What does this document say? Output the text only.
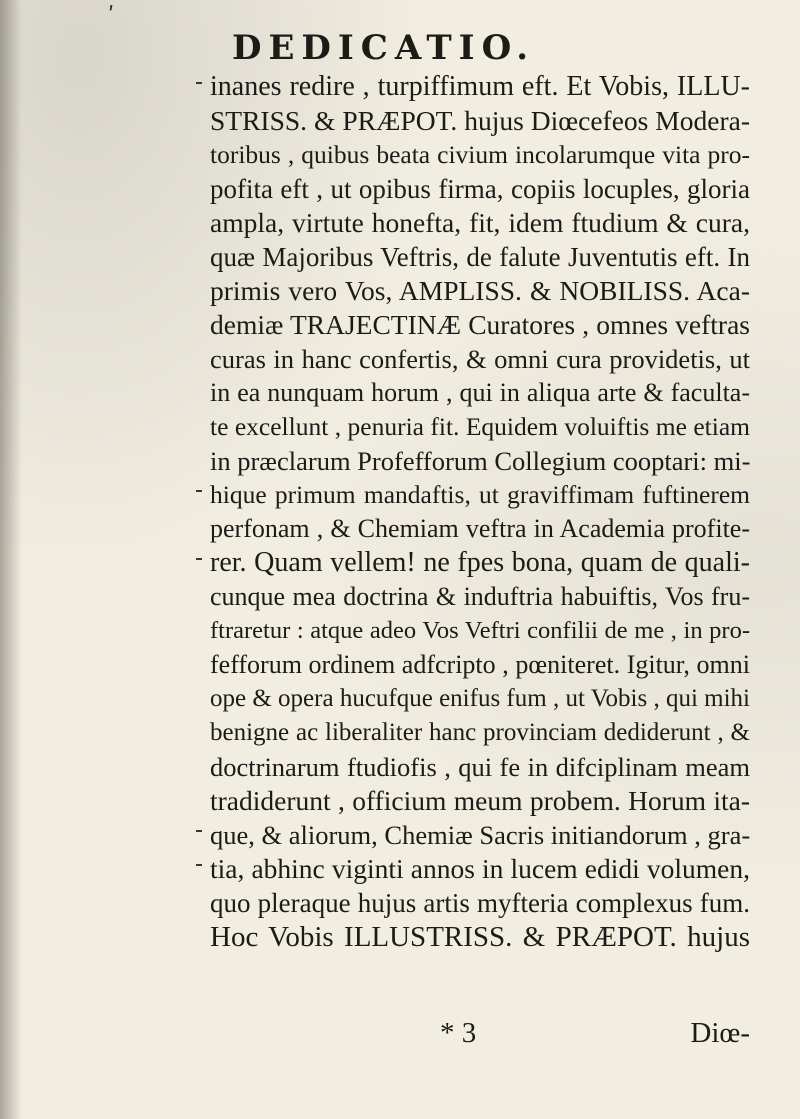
ʹ
DEDICATIO.
inanes redire , turpiffimum eft. Et Vobis, ILLU-
STRISS. & PRÆPOT. hujus Diœcefeos Modera-
toribus , quibus beata civium incolarumque vita pro-
pofita eft , ut opibus firma, copiis locuples, gloria
ampla, virtute honefta, fit, idem ftudium & cura,
quæ Majoribus Veftris, de falute Juventutis eft. In
primis vero Vos, AMPLISS. & NOBILISS. Aca-
demiæ TRAJECTINÆ Curatores , omnes veftras
curas in hanc confertis, & omni cura providetis, ut
in ea nunquam horum , qui in aliqua arte & faculta-
te excellunt , penuria fit. Equidem voluiftis me etiam
in præclarum Profefforum Collegium cooptari: mi-
hique primum mandaftis, ut graviffimam fuftinerem
perfonam , & Chemiam veftra in Academia profite-
rer. Quam vellem! ne fpes bona, quam de quali-
cunque mea doctrina & induftria habuiftis, Vos fru-
ftraretur : atque adeo Vos Veftri confilii de me , in pro-
fefforum ordinem adfcripto , pœniteret. Igitur, omni
ope & opera hucufque enifus fum , ut Vobis , qui mihi
benigne ac liberaliter hanc provinciam dediderunt , &
doctrinarum ftudiofis , qui fe in difciplinam meam
tradiderunt , officium meum probem. Horum ita-
que, & aliorum, Chemiæ Sacris initiandorum , gra-
tia, abhinc viginti annos in lucem edidi volumen,
quo pleraque hujus artis myfteria complexus fum.
Hoc Vobis ILLUSTRISS. & PRÆPOT. hujus
* 3	Diœ-
